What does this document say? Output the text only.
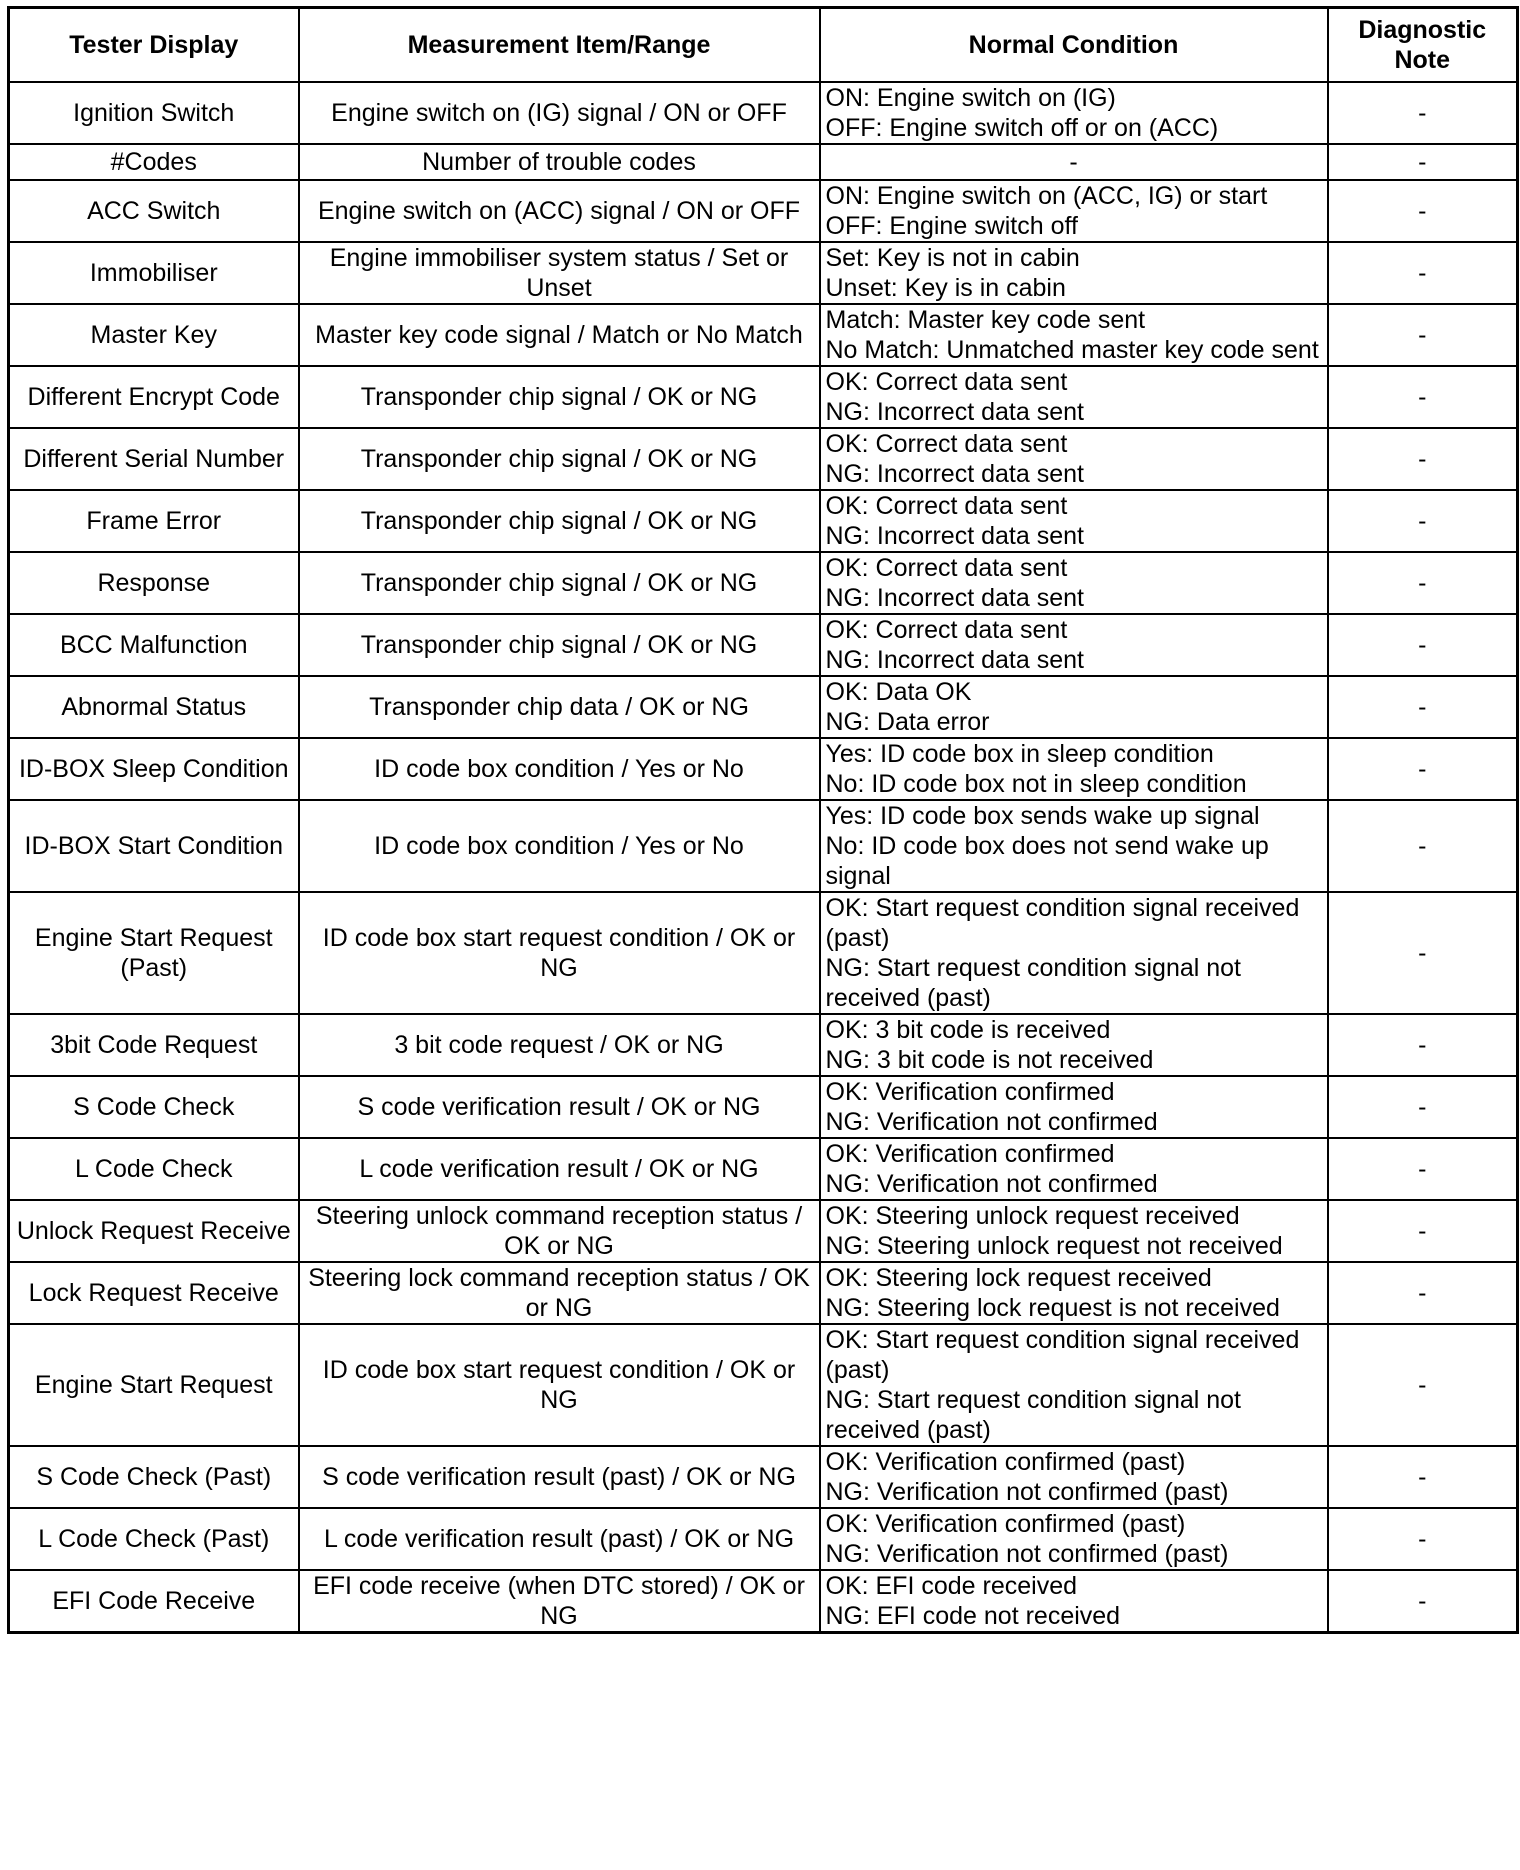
Tester Display	Measurement Item/Range	Normal Condition	Diagnostic
Note

Ignition Switch	Engine switch on (IG) signal / ON or OFF	ON: Engine switch on (IG)
OFF: Engine switch off or on (ACC)	-
#Codes	Number of trouble codes	-	-
ACC Switch	Engine switch on (ACC) signal / ON or OFF	ON: Engine switch on (ACC, IG) or start
OFF: Engine switch off	-
Immobiliser	Engine immobiliser system status / Set or Unset	Set: Key is not in cabin
Unset: Key is in cabin	-
Master Key	Master key code signal / Match or No Match	Match: Master key code sent
No Match: Unmatched master key code sent	-
Different Encrypt Code	Transponder chip signal / OK or NG	OK: Correct data sent
NG: Incorrect data sent	-
Different Serial Number	Transponder chip signal / OK or NG	OK: Correct data sent
NG: Incorrect data sent	-
Frame Error	Transponder chip signal / OK or NG	OK: Correct data sent
NG: Incorrect data sent	-
Response	Transponder chip signal / OK or NG	OK: Correct data sent
NG: Incorrect data sent	-
BCC Malfunction	Transponder chip signal / OK or NG	OK: Correct data sent
NG: Incorrect data sent	-
Abnormal Status	Transponder chip data / OK or NG	OK: Data OK
NG: Data error	-
ID-BOX Sleep Condition	ID code box condition / Yes or No	Yes: ID code box in sleep condition
No: ID code box not in sleep condition	-
ID-BOX Start Condition	ID code box condition / Yes or No	Yes: ID code box sends wake up signal
No: ID code box does not send wake up signal	-
Engine Start Request (Past)	ID code box start request condition / OK or NG	OK: Start request condition signal received (past)
NG: Start request condition signal not received (past)	-
3bit Code Request	3 bit code request / OK or NG	OK: 3 bit code is received
NG: 3 bit code is not received	-
S Code Check	S code verification result / OK or NG	OK: Verification confirmed
NG: Verification not confirmed	-
L Code Check	L code verification result / OK or NG	OK: Verification confirmed
NG: Verification not confirmed	-
Unlock Request Receive	Steering unlock command reception status / OK or NG	OK: Steering unlock request received
NG: Steering unlock request not received	-
Lock Request Receive	Steering lock command reception status / OK or NG	OK: Steering lock request received
NG: Steering lock request is not received	-
Engine Start Request	ID code box start request condition / OK or NG	OK: Start request condition signal received (past)
NG: Start request condition signal not received (past)	-
S Code Check (Past)	S code verification result (past) / OK or NG	OK: Verification confirmed (past)
NG: Verification not confirmed (past)	-
L Code Check (Past)	L code verification result (past) / OK or NG	OK: Verification confirmed (past)
NG: Verification not confirmed (past)	-
EFI Code Receive	EFI code receive (when DTC stored) / OK or NG	OK: EFI code received
NG: EFI code not received	-
